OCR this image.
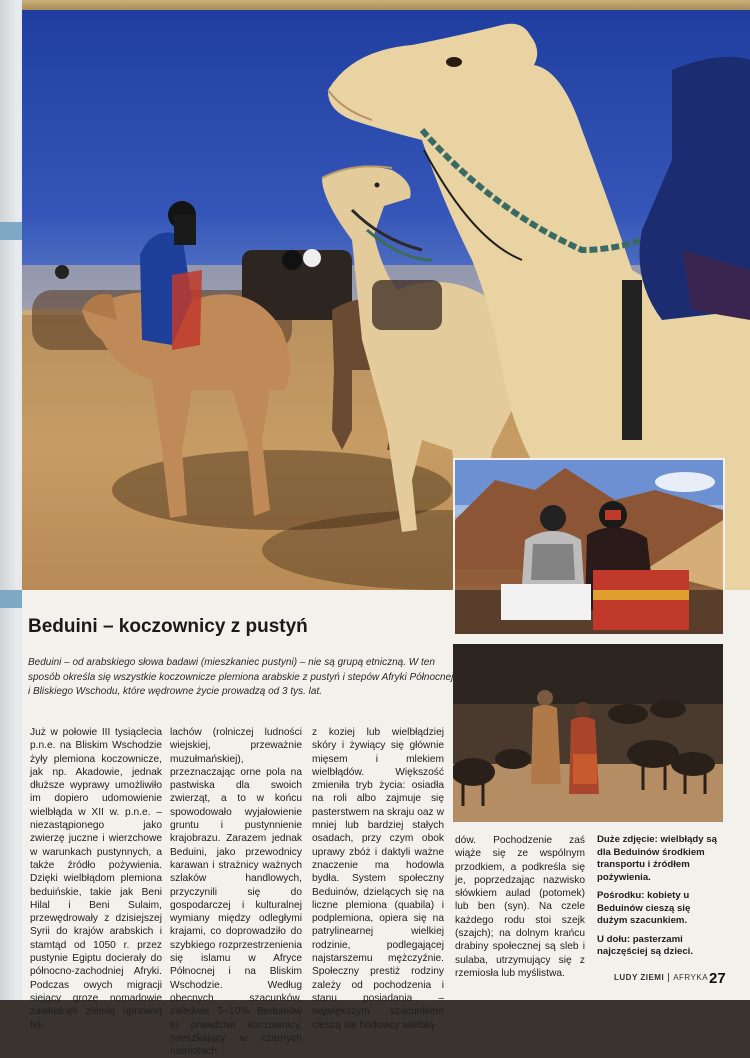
Beduini – koczownicy z pustyń
Beduini – od arabskiego słowa badawi (mieszkaniec pustyni) – nie są grupą etniczną. W ten sposób określa się wszystkie koczownicze plemiona arabskie z pustyń i stepów Afryki Północnej i Bliskiego Wschodu, które wędrowne życie prowadzą od 3 tys. lat.
Już w połowie III tysiąclecia p.n.e. na Bliskim Wschodzie żyły plemiona koczownicze, jak np. Akadowie, jednak dłuższe wyprawy umożliwiło im dopiero udomowienie wielbłąda w XII w. p.n.e. – niezastąpionego jako zwierzę juczne i wierzchowe w warunkach pustynnych, a także źródło pożywienia. Dzięki wielbłądom plemiona beduińskie, takie jak Beni Hilal i Beni Sulaim, przewędrowały z dzisiejszej Syrii do krajów arabskich i stamtąd od 1050 r. przez pustynie Egiptu docierały do północno-zachodniej Afryki. Podczas owych migracji siejący grozę nomadowie zawładnęli ziemią uprawną fel-
lachów (rolniczej ludności wiejskiej, przeważnie muzułmańskiej), przeznaczając orne pola na pastwiska dla swoich zwierząt, a to w końcu spowodowało wyjałowienie gruntu i pustynnienie krajobrazu. Zarazem jednak Beduini, jako przewodnicy karawan i strażnicy ważnych szlaków handlowych, przyczynili się do gospodarczej i kulturalnej wymiany między odległymi krajami, co doprowadziło do szybkiego rozprzestrzenienia się islamu w Afryce Północnej i na Bliskim Wschodzie. Według obecnych szacunków, zaledwie 5–10% Beduinów to prawdziwi koczownicy, mieszkający w czarnych namiotach
z koziej lub wielbłądziej skóry i żywiący się głównie mięsem i mlekiem wielbłądów. Większość zmieniła tryb życia: osiadła na roli albo zajmuje się pasterstwem na skraju oaz w mniej lub bardziej stałych osadach, przy czym obok uprawy zbóż i daktyli ważne znaczenie ma hodowla bydła. System społeczny Beduinów, dzielących się na liczne plemiona (quabila) i podplemiona, opiera się na patrylinearnej wielkiej rodzinie, podlegającej najstarszemu mężczyźnie. Społeczny prestiż rodziny zależy od pochodzenia i stanu posiadania – największym szacunkiem cieszą się hodowcy wielbłą-
dów. Pochodzenie zaś wiąże się ze wspólnym przodkiem, a podkreśla się je, poprzedzając nazwisko słówkiem aulad (potomek) lub ben (syn). Na czele każdego rodu stoi szejk (szajch); na dolnym krańcu drabiny społecznej są sleb i sulaba, utrzymujący się z rzemiosła lub myślistwa.

Duże zdjęcie: wielbłądy są dla Beduinów środkiem transportu i źródłem pożywienia.

Pośrodku: kobiety u Beduinów cieszą się dużym szacunkiem.

U dołu: pasterzami najczęściej są dzieci.

LUDY ZIEMI AFRYKA 27
